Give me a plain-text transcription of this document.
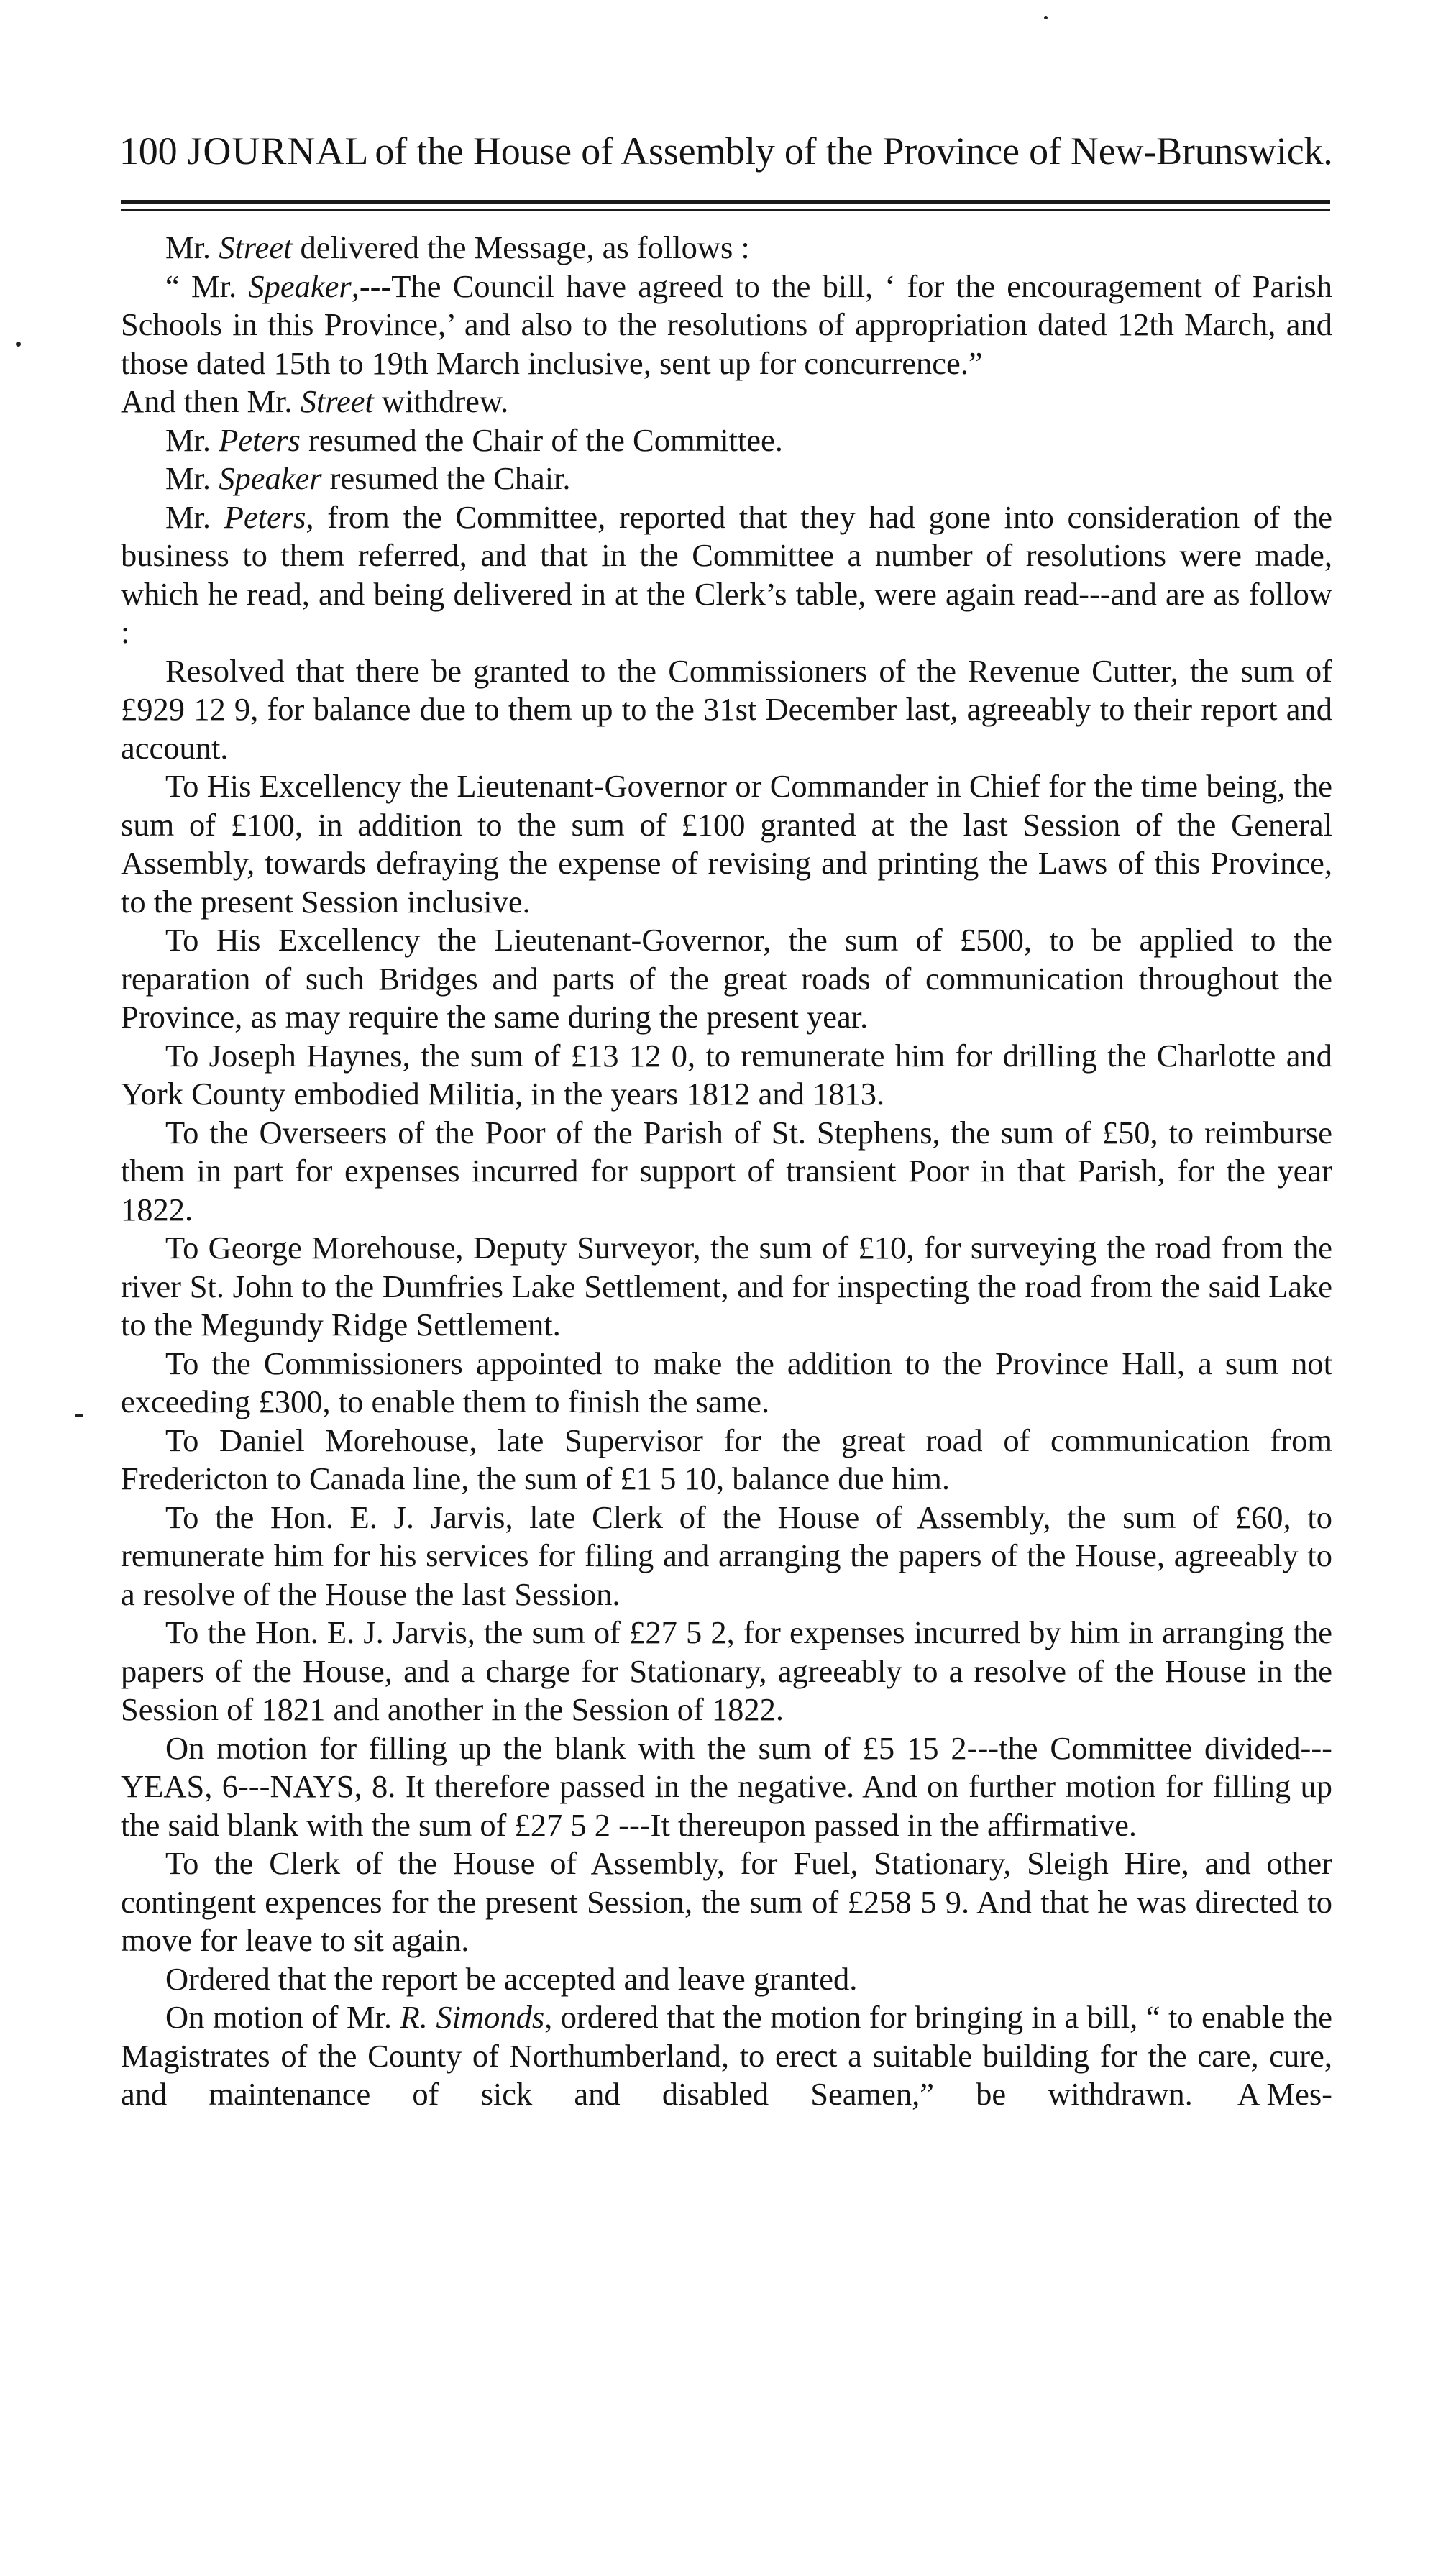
100 JOURNAL of the House of Assembly of the Province of New-Brunswick.

Mr. Street delivered the Message, as follows :

“ Mr. Speaker,---The Council have agreed to the bill, ‘ for the encouragement of Parish Schools in this Province,’ and also to the resolutions of appropriation dated 12th March, and those dated 15th to 19th March inclusive, sent up for concurrence.”

And then Mr. Street withdrew.

Mr. Peters resumed the Chair of the Committee.

Mr. Speaker resumed the Chair.

Mr. Peters, from the Committee, reported that they had gone into consideration of the business to them referred, and that in the Committee a number of resolutions were made, which he read, and being delivered in at the Clerk’s table, were again read---and are as follow :

Resolved that there be granted to the Commissioners of the Revenue Cutter, the sum of £929 12 9, for balance due to them up to the 31st December last, agreeably to their report and account.

To His Excellency the Lieutenant-Governor or Commander in Chief for the time being, the sum of £100, in addition to the sum of £100 granted at the last Session of the General Assembly, towards defraying the expense of revising and printing the Laws of this Province, to the present Session inclusive.

To His Excellency the Lieutenant-Governor, the sum of £500, to be applied to the reparation of such Bridges and parts of the great roads of communication throughout the Province, as may require the same during the present year.

To Joseph Haynes, the sum of £13 12 0, to remunerate him for drilling the Charlotte and York County embodied Militia, in the years 1812 and 1813.

To the Overseers of the Poor of the Parish of St. Stephens, the sum of £50, to reimburse them in part for expenses incurred for support of transient Poor in that Parish, for the year 1822.

To George Morehouse, Deputy Surveyor, the sum of £10, for surveying the road from the river St. John to the Dumfries Lake Settlement, and for inspecting the road from the said Lake to the Megundy Ridge Settlement.

To the Commissioners appointed to make the addition to the Province Hall, a sum not exceeding £300, to enable them to finish the same.

To Daniel Morehouse, late Supervisor for the great road of communication from Fredericton to Canada line, the sum of £1 5 10, balance due him.

To the Hon. E. J. Jarvis, late Clerk of the House of Assembly, the sum of £60, to remunerate him for his services for filing and arranging the papers of the House, agreeably to a resolve of the House the last Session.

To the Hon. E. J. Jarvis, the sum of £27 5 2, for expenses incurred by him in arranging the papers of the House, and a charge for Stationary, agreeably to a resolve of the House in the Session of 1821 and another in the Session of 1822.

On motion for filling up the blank with the sum of £5 15 2---the Committee divided---YEAS, 6---NAYS, 8. It therefore passed in the negative. And on further motion for filling up the said blank with the sum of £27 5 2 ---It thereupon passed in the affirmative.

To the Clerk of the House of Assembly, for Fuel, Stationary, Sleigh Hire, and other contingent expences for the present Session, the sum of £258 5 9. And that he was directed to move for leave to sit again.

Ordered that the report be accepted and leave granted.

On motion of Mr. R. Simonds, ordered that the motion for bringing in a bill, “ to enable the Magistrates of the County of Northumberland, to erect a suitable building for the care, cure, and maintenance of sick and disabled Seamen,” be withdrawn.	A Mes-
